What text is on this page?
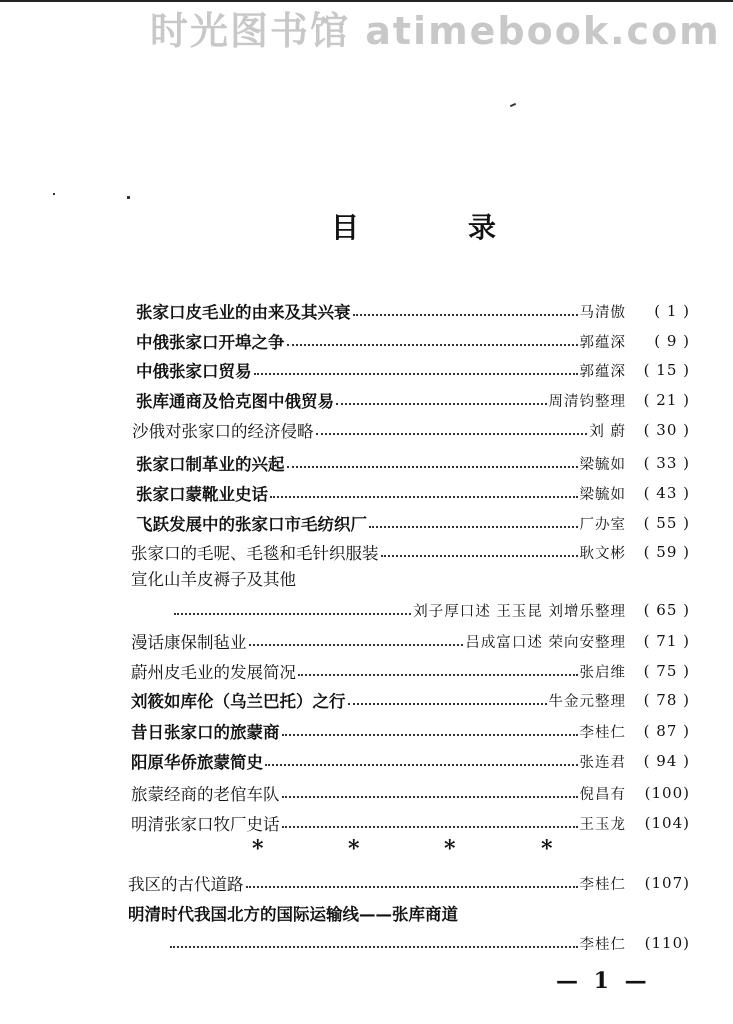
时光图书馆 atimebook.com
目	录
张家口皮毛业的由来及其兴衰	马清傲	( 1 )
中俄张家口开埠之争	郭蕴深	( 9 )
中俄张家口贸易	郭蕴深	( 15 )
张库通商及恰克图中俄贸易	周清钧整理	( 21 )
沙俄对张家口的经济侵略	刘 蔚	( 30 )
张家口制革业的兴起	梁毓如	( 33 )
张家口蒙靴业史话	梁毓如	( 43 )
飞跃发展中的张家口市毛纺织厂	厂办室	( 55 )
张家口的毛呢、毛毯和毛针织服装	耿文彬	( 59 )
宣化山羊皮褥子及其他
刘子厚口述 王玉昆 刘增乐整理	( 65 )
漫话康保制毡业	吕成富口述 荣向安整理	( 71 )
蔚州皮毛业的发展简况	张启维	( 75 )
刘筱如库伦（乌兰巴托）之行	牛金元整理	( 78 )
昔日张家口的旅蒙商	李桂仁	( 87 )
阳原华侨旅蒙简史	张连君	( 94 )
旅蒙经商的老倌车队	倪昌有	(100)
明清张家口牧厂史话	王玉龙	(104)
我区的古代道路	李桂仁	(107)
明清时代我国北方的国际运输线——张库商道
李桂仁	(110)
*	*	*	*
— 1 —
